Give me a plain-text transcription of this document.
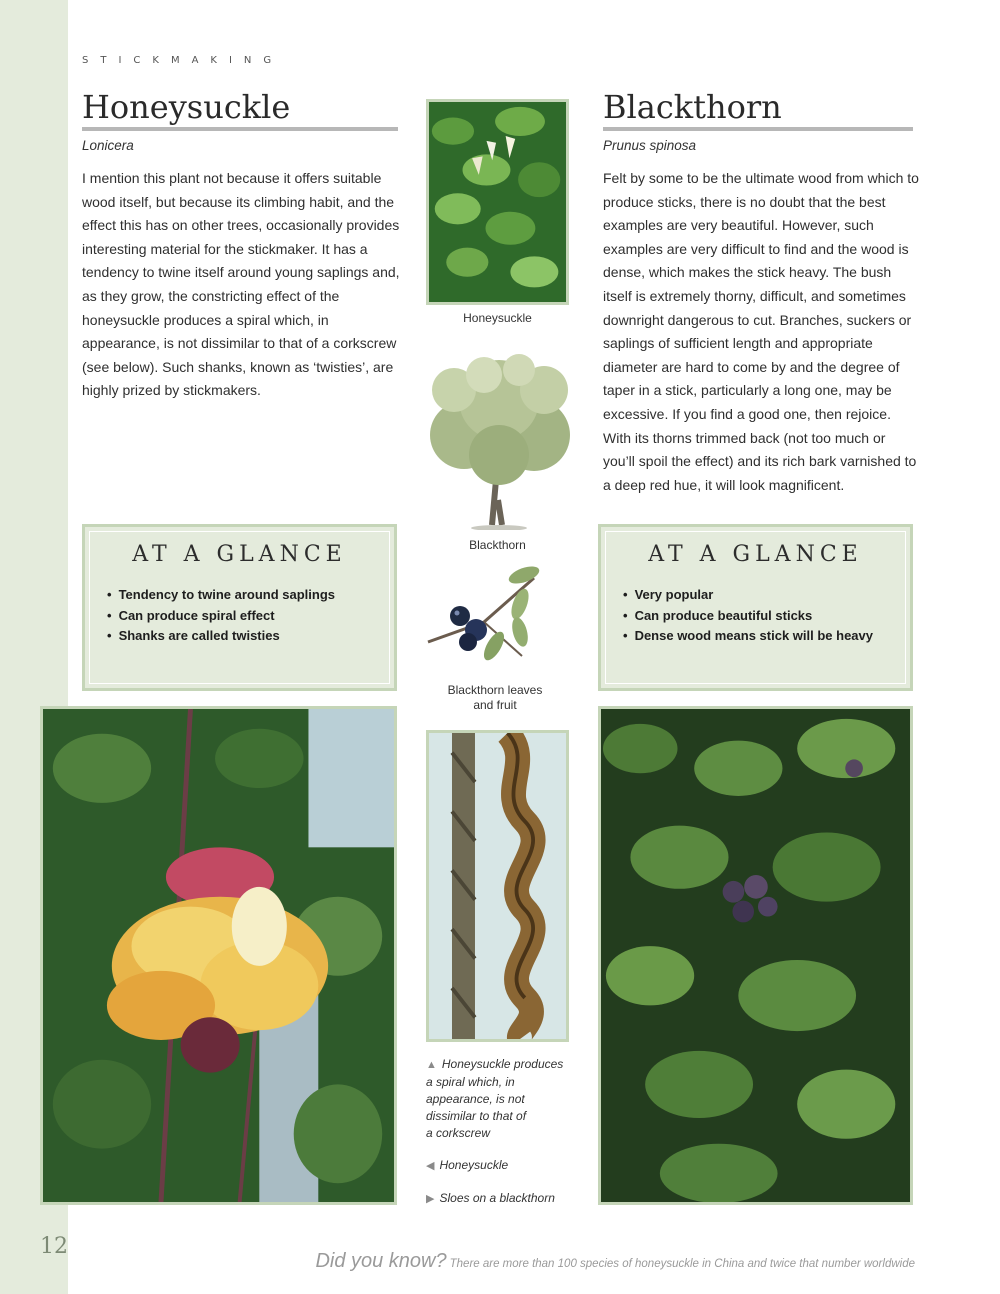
12
STICKMAKING
Honeysuckle
Lonicera

I mention this plant not because it offers suitable wood itself, but because its climbing habit, and the effect this has on other trees, occasionally provides interesting material for the stickmaker. It has a tendency to twine itself around young saplings and, as they grow, the constricting effect of the honeysuckle produces a spiral which, in appearance, is not dissimilar to that of a corkscrew (see below). Such shanks, known as ‘twisties’, are highly prized by stickmakers.

Blackthorn
Prunus spinosa

Felt by some to be the ultimate wood from which to produce sticks, there is no doubt that the best examples are very beautiful. However, such examples are very difficult to find and the wood is dense, which makes the stick heavy. The bush itself is extremely thorny, difficult, and sometimes downright dangerous to cut. Branches, suckers or saplings of sufficient length and appropriate diameter are hard to come by and the degree of taper in a stick, particularly a long one, may be excessive. If you find a good one, then rejoice. With its thorns trimmed back (not too much or you’ll spoil the effect) and its rich bark varnished to a deep red hue, it will look magnificent.

Honeysuckle
Blackthorn
Blackthorn leaves
and fruit
AT A GLANCE
• Tendency to twine around saplings
• Can produce spiral effect
• Shanks are called twisties
AT A GLANCE
• Very popular
• Can produce beautiful sticks
• Dense wood means stick will be heavy
▲ Honeysuckle produces
a spiral which, in
appearance, is not
dissimilar to that of
a corkscrew
◀ Honeysuckle
▶ Sloes on a blackthorn
Did you know? There are more than 100 species of honeysuckle in China and twice that number worldwide
